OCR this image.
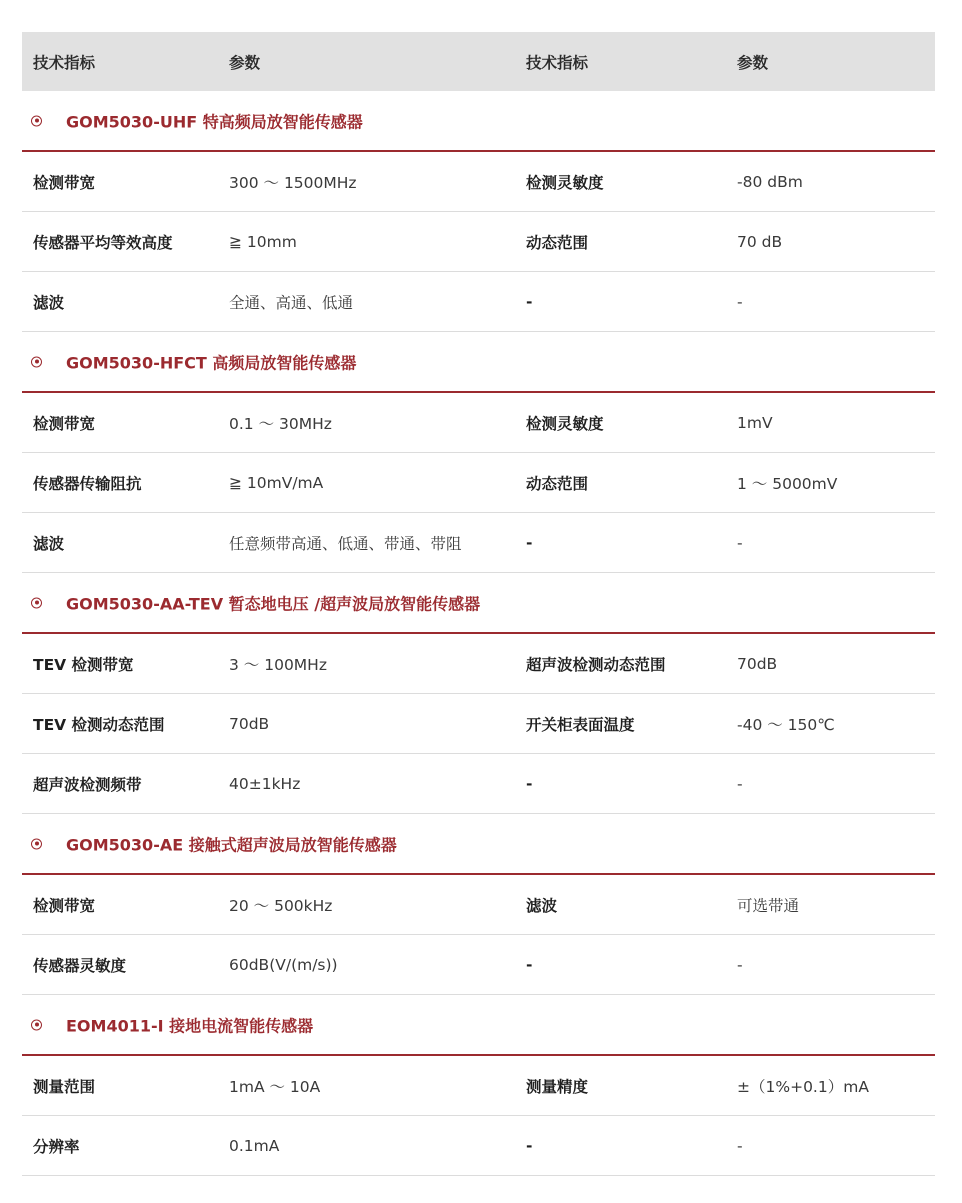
技术指标	参数	技术指标	参数
GOM5030-UHF 特高频局放智能传感器
检测带宽	300 ～ 1500MHz	检测灵敏度	-80 dBm
传感器平均等效高度	≧ 10mm	动态范围	70 dB
滤波	全通、高通、低通	-	-
GOM5030-HFCT 高频局放智能传感器
检测带宽	0.1 ～ 30MHz	检测灵敏度	1mV
传感器传输阻抗	≧ 10mV/mA	动态范围	1 ～ 5000mV
滤波	任意频带高通、低通、带通、带阻	-	-
GOM5030-AA-TEV 暂态地电压 /超声波局放智能传感器
TEV 检测带宽	3 ～ 100MHz	超声波检测动态范围	70dB
TEV 检测动态范围	70dB	开关柜表面温度	-40 ～ 150℃
超声波检测频带	40±1kHz	-	-
GOM5030-AE 接触式超声波局放智能传感器
检测带宽	20 ～ 500kHz	滤波	可选带通
传感器灵敏度	60dB(V/(m/s))	-	-
EOM4011-I 接地电流智能传感器
测量范围	1mA ～ 10A	测量精度	±（1%+0.1）mA
分辨率	0.1mA	-	-
